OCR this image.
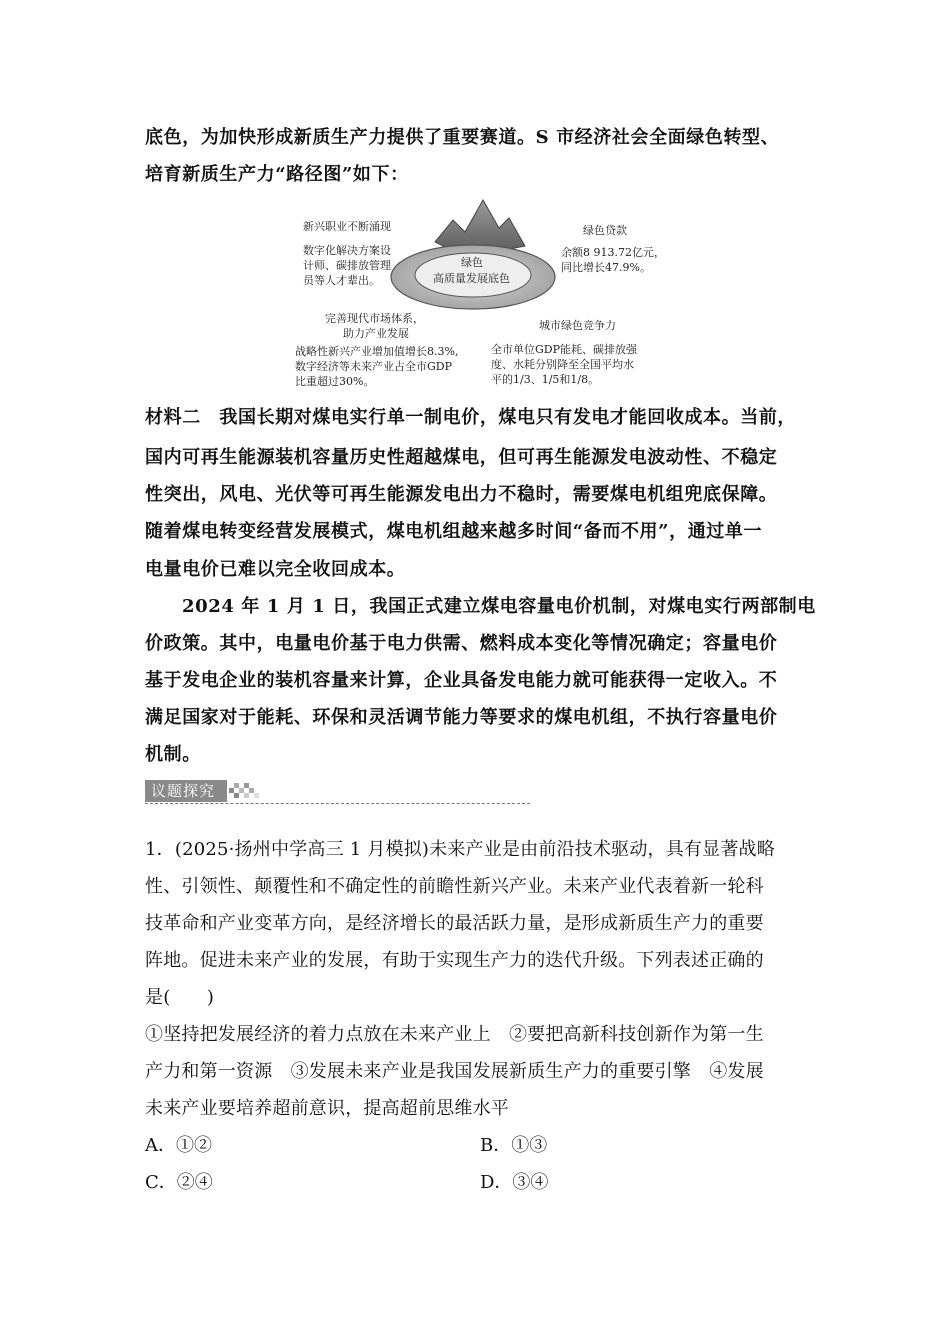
底色，为加快形成新质生产力提供了重要赛道。S 市经济社会全面绿色转型、
培育新质生产力“路径图”如下：
绿色
高质量发展底色
新兴职业不断涌现
数字化解决方案设
计师、碳排放管理
员等人才辈出。
绿色贷款
余额8 913.72亿元，
同比增长47.9%。
完善现代市场体系，
助力产业发展
战略性新兴产业增加值增长8.3%,
数字经济等未来产业占全市GDP
比重超过30%。
城市绿色竞争力
全市单位GDP能耗、碳排放强
度、水耗分别降至全国平均水
平的1/3、1/5和1/8。
材料二　 我国长期对煤电实行单一制电价，煤电只有发电才能回收成本。当前，
国内可再生能源装机容量历史性超越煤电，但可再生能源发电波动性、不稳定
性突出，风电、光伏等可再生能源发电出力不稳时，需要煤电机组兜底保障。
随着煤电转变经营发展模式，煤电机组越来越多时间“备而不用”，通过单一
电量电价已难以完全收回成本。
2024 年 1 月 1 日，我国正式建立煤电容量电价机制，对煤电实行两部制电
价政策。其中，电量电价基于电力供需、燃料成本变化等情况确定；容量电价
基于发电企业的装机容量来计算，企业具备发电能力就可能获得一定收入。不
满足国家对于能耗、环保和灵活调节能力等要求的煤电机组，不执行容量电价
机制。
议题探究
1．(2025·扬州中学高三 1 月模拟)未来产业是由前沿技术驱动，具有显著战略
性、引领性、颠覆性和不确定性的前瞻性新兴产业。未来产业代表着新一轮科
技革命和产业变革方向，是经济增长的最活跃力量，是形成新质生产力的重要
阵地。促进未来产业的发展，有助于实现生产力的迭代升级。下列表述正确的
是(　　)
①坚持把发展经济的着力点放在未来产业上　②要把高新科技创新作为第一生
产力和第一资源　③发展未来产业是我国发展新质生产力的重要引擎　④发展
未来产业要培养超前意识，提高超前思维水平
A．①②	B．①③
C．②④	D．③④
